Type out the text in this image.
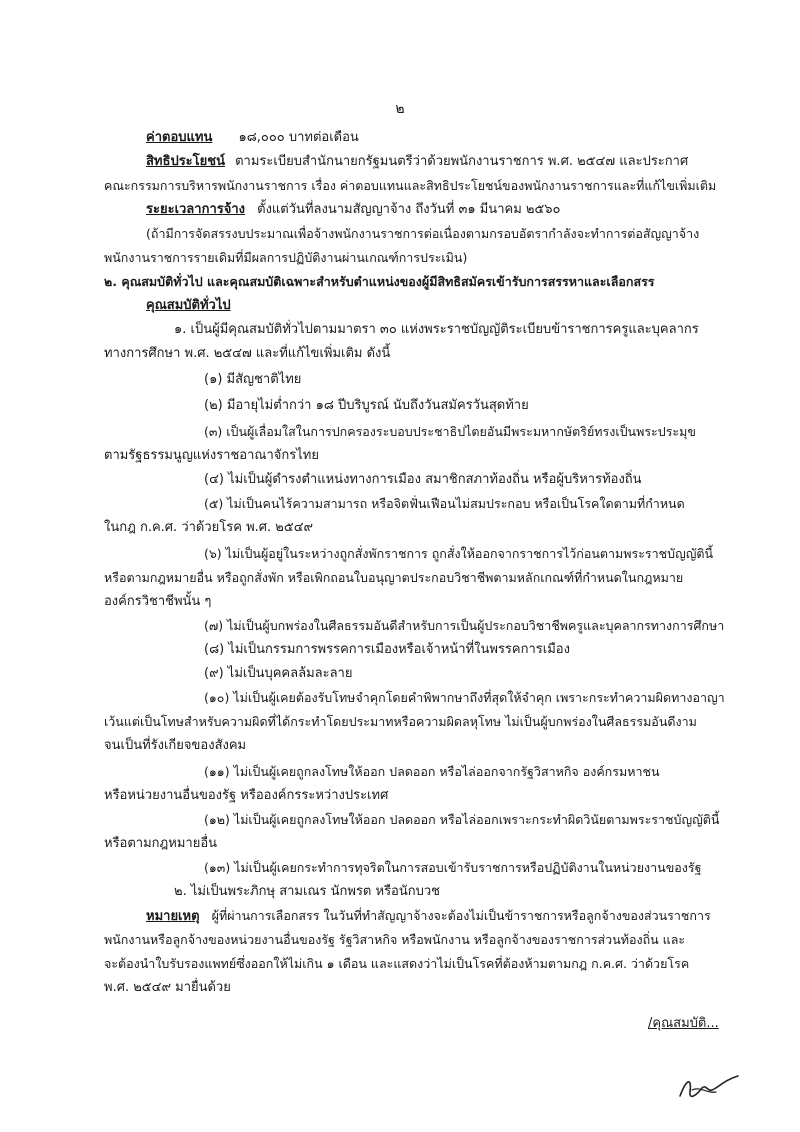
๒
ค่าตอบแทน ๑๘,๐๐๐ บาทต่อเดือน
สิทธิประโยชน์ ตามระเบียบสำนักนายกรัฐมนตรีว่าด้วยพนักงานราชการ พ.ศ. ๒๕๔๗ และประกาศ
คณะกรรมการบริหารพนักงานราชการ เรื่อง ค่าตอบแทนและสิทธิประโยชน์ของพนักงานราชการและที่แก้ไขเพิ่มเติม
ระยะเวลาการจ้าง ตั้งแต่วันที่ลงนามสัญญาจ้าง ถึงวันที่ ๓๑ มีนาคม ๒๕๖๐
(ถ้ามีการจัดสรรงบประมาณเพื่อจ้างพนักงานราชการต่อเนื่องตามกรอบอัตรากำลังจะทำการต่อสัญญาจ้าง
พนักงานราชการรายเดิมที่มีผลการปฏิบัติงานผ่านเกณฑ์การประเมิน)
๒. คุณสมบัติทั่วไป และคุณสมบัติเฉพาะสำหรับตำแหน่งของผู้มีสิทธิสมัครเข้ารับการสรรหาและเลือกสรร
คุณสมบัติทั่วไป
๑. เป็นผู้มีคุณสมบัติทั่วไปตามมาตรา ๓๐ แห่งพระราชบัญญัติระเบียบข้าราชการครูและบุคลากร
ทางการศึกษา พ.ศ. ๒๕๔๗ และที่แก้ไขเพิ่มเติม ดังนี้
(๑) มีสัญชาติไทย
(๒) มีอายุไม่ต่ำกว่า ๑๘ ปีบริบูรณ์ นับถึงวันสมัครวันสุดท้าย
(๓) เป็นผู้เลื่อมใสในการปกครองระบอบประชาธิปไตยอันมีพระมหากษัตริย์ทรงเป็นพระประมุข
ตามรัฐธรรมนูญแห่งราชอาณาจักรไทย
(๔) ไม่เป็นผู้ดำรงตำแหน่งทางการเมือง สมาชิกสภาท้องถิ่น หรือผู้บริหารท้องถิ่น
(๕) ไม่เป็นคนไร้ความสามารถ หรือจิตฟั่นเฟือนไม่สมประกอบ หรือเป็นโรคใดตามที่กำหนด
ในกฎ ก.ค.ศ. ว่าด้วยโรค พ.ศ. ๒๕๔๙
(๖) ไม่เป็นผู้อยู่ในระหว่างถูกสั่งพักราชการ ถูกสั่งให้ออกจากราชการไว้ก่อนตามพระราชบัญญัตินี้
หรือตามกฎหมายอื่น หรือถูกสั่งพัก หรือเพิกถอนใบอนุญาตประกอบวิชาชีพตามหลักเกณฑ์ที่กำหนดในกฎหมาย
องค์กรวิชาชีพนั้น ๆ
(๗) ไม่เป็นผู้บกพร่องในศีลธรรมอันดีสำหรับการเป็นผู้ประกอบวิชาชีพครูและบุคลากรทางการศึกษา
(๘) ไม่เป็นกรรมการพรรคการเมืองหรือเจ้าหน้าที่ในพรรคการเมือง
(๙) ไม่เป็นบุคคลล้มละลาย
(๑๐) ไม่เป็นผู้เคยต้องรับโทษจำคุกโดยคำพิพากษาถึงที่สุดให้จำคุก เพราะกระทำความผิดทางอาญา
เว้นแต่เป็นโทษสำหรับความผิดที่ได้กระทำโดยประมาทหรือความผิดลหุโทษ ไม่เป็นผู้บกพร่องในศีลธรรมอันดีงาม
จนเป็นที่รังเกียจของสังคม
(๑๑) ไม่เป็นผู้เคยถูกลงโทษให้ออก ปลดออก หรือไล่ออกจากรัฐวิสาหกิจ องค์กรมหาชน
หรือหน่วยงานอื่นของรัฐ หรือองค์กรระหว่างประเทศ
(๑๒) ไม่เป็นผู้เคยถูกลงโทษให้ออก ปลดออก หรือไล่ออกเพราะกระทำผิดวินัยตามพระราชบัญญัตินี้
หรือตามกฎหมายอื่น
(๑๓) ไม่เป็นผู้เคยกระทำการทุจริตในการสอบเข้ารับราชการหรือปฏิบัติงานในหน่วยงานของรัฐ
๒. ไม่เป็นพระภิกษุ สามเณร นักพรต หรือนักบวช
หมายเหตุ ผู้ที่ผ่านการเลือกสรร ในวันที่ทำสัญญาจ้างจะต้องไม่เป็นข้าราชการหรือลูกจ้างของส่วนราชการ
พนักงานหรือลูกจ้างของหน่วยงานอื่นของรัฐ รัฐวิสาหกิจ หรือพนักงาน หรือลูกจ้างของราชการส่วนท้องถิ่น และ
จะต้องนำใบรับรองแพทย์ซึ่งออกให้ไม่เกิน ๑ เดือน และแสดงว่าไม่เป็นโรคที่ต้องห้ามตามกฎ ก.ค.ศ. ว่าด้วยโรค
พ.ศ. ๒๕๔๙ มายื่นด้วย
/คุณสมบัติ...
